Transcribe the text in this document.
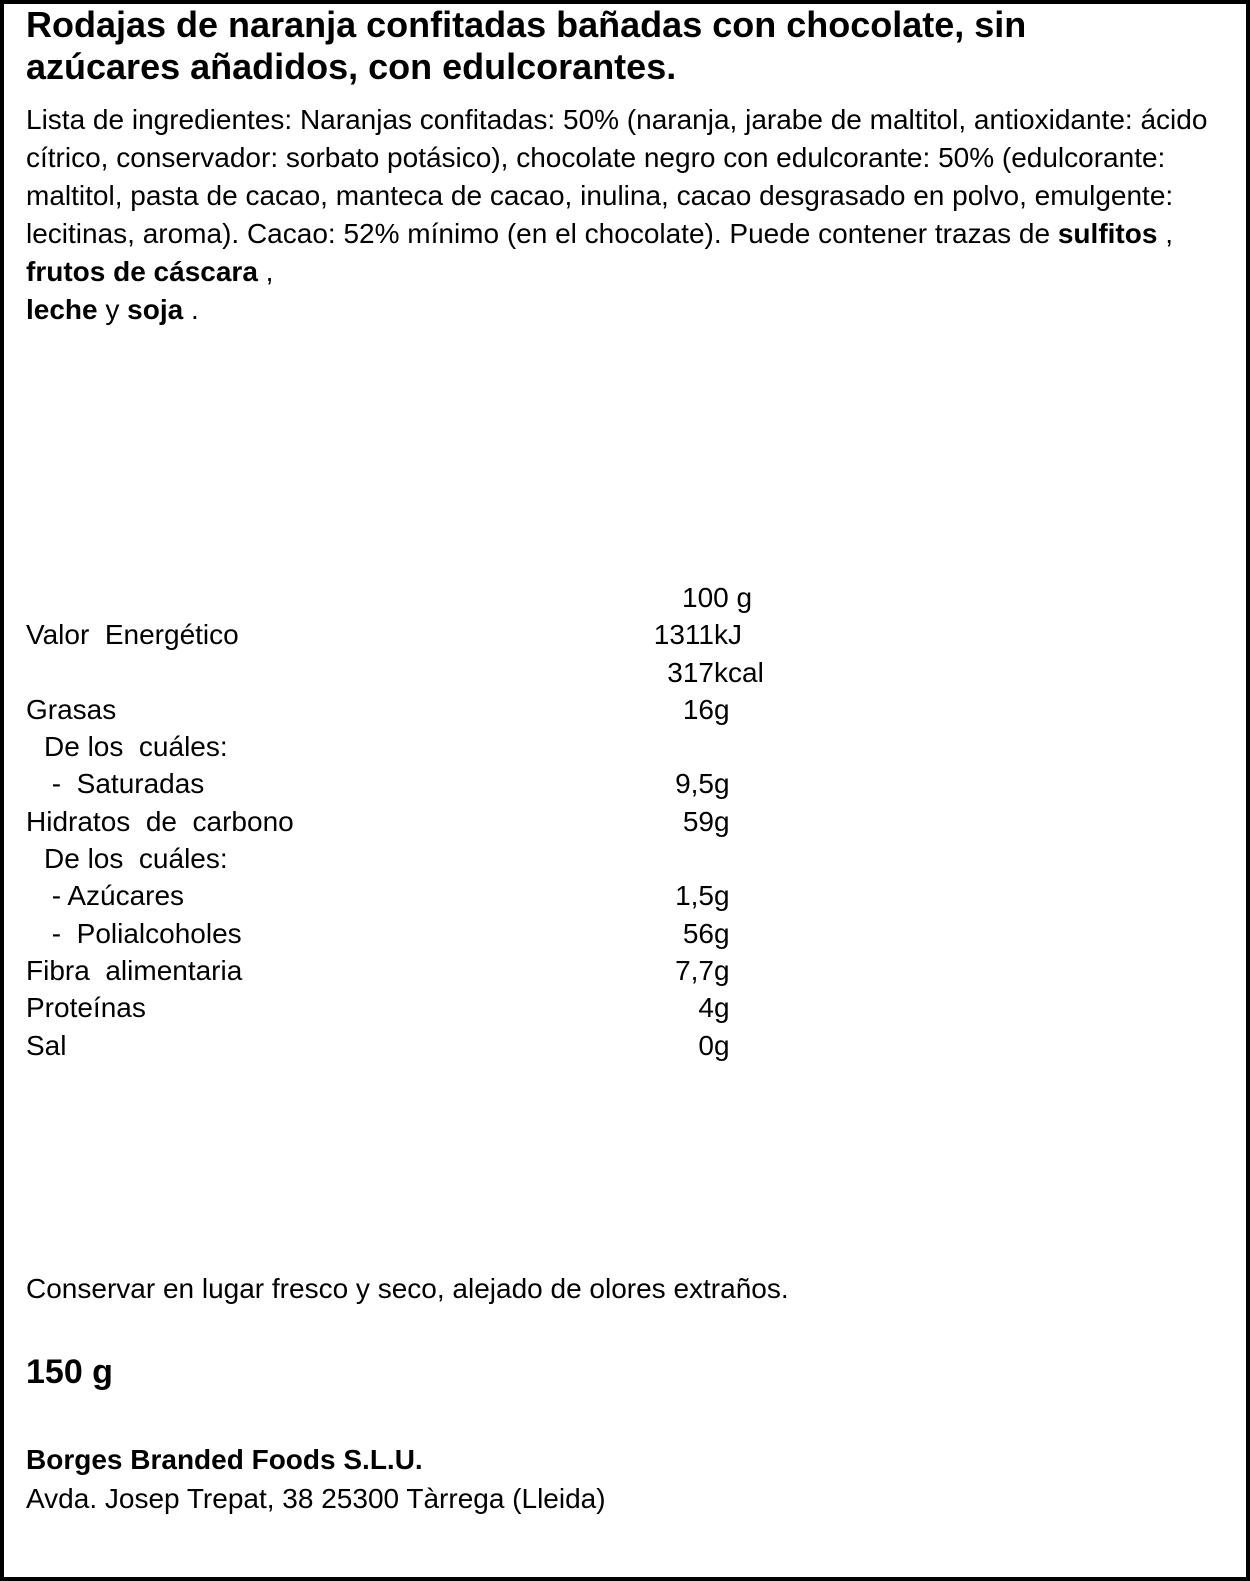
Rodajas de naranja confitadas bañadas con chocolate, sin
azúcares añadidos, con edulcorantes.

Lista de ingredientes: Naranjas confitadas: 50% (naranja, jarabe de maltitol, antioxidante: ácido cítrico, conservador: sorbato potásico), chocolate negro con edulcorante: 50% (edulcorante: maltitol, pasta de cacao, manteca de cacao, inulina, cacao desgrasado en polvo, emulgente: lecitinas, aroma). Cacao: 52% mínimo (en el chocolate). Puede contener trazas de sulfitos , frutos de cáscara ,
leche y soja .

100 g

Valor  Energético	1311 kJ
317 kcal
Grasas	16 g
De los  cuáles:
-  Saturadas	9,5 g
Hidratos  de  carbono	59 g
De los  cuáles:
- Azúcares	1,5 g
-  Polialcoholes	56 g
Fibra  alimentaria	7,7 g
Proteínas	4 g
Sal	0 g

Conservar en lugar fresco y seco, alejado de olores extraños.

150 g

Borges Branded Foods S.L.U.

Avda. Josep Trepat, 38 25300 Tàrrega (Lleida)
